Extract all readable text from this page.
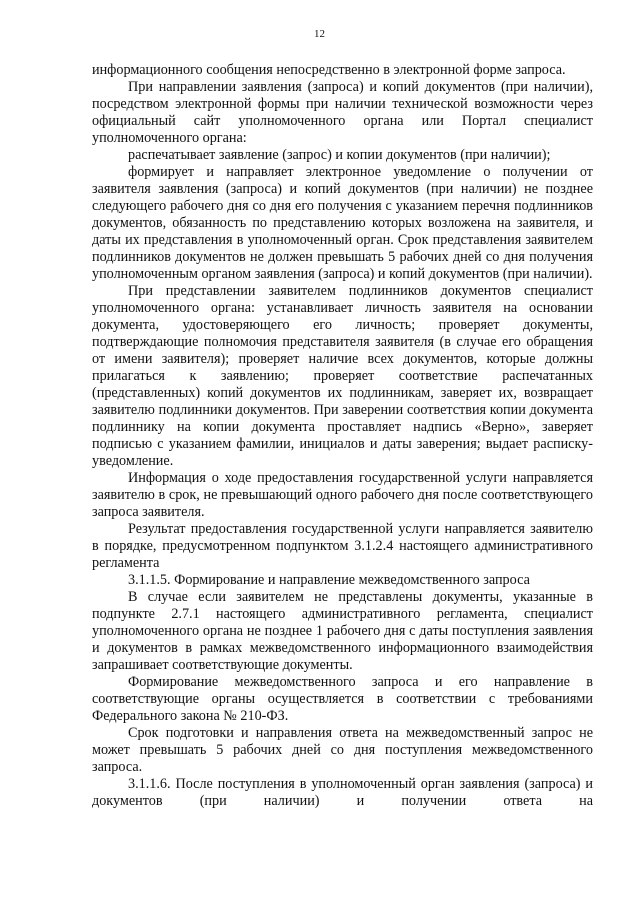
12

информационного сообщения непосредственно в электронной форме запроса.

При направлении заявления (запроса) и копий документов (при наличии), посредством электронной формы при наличии технической возможности через официальный сайт уполномоченного органа или Портал специалист уполномоченного органа:

распечатывает заявление (запрос) и копии документов (при наличии);

формирует и направляет электронное уведомление о получении от заявителя заявления (запроса) и копий документов (при наличии) не позднее следующего рабочего дня со дня его получения с указанием перечня подлинников документов, обязанность по представлению которых возложена на заявителя, и даты их представления в уполномоченный орган. Срок представления заявителем подлинников документов не должен превышать 5 рабочих дней со дня получения уполномоченным органом заявления (запроса) и копий документов (при наличии).

При представлении заявителем подлинников документов специалист уполномоченного органа: устанавливает личность заявителя на основании документа, удостоверяющего его личность; проверяет документы, подтверждающие полномочия представителя заявителя (в случае его обращения от имени заявителя); проверяет наличие всех документов, которые должны прилагаться к заявлению; проверяет соответствие распечатанных (представленных) копий документов их подлинникам, заверяет их, возвращает заявителю подлинники документов. При заверении соответствия копии документа подлиннику на копии документа проставляет надпись «Верно», заверяет подписью с указанием фамилии, инициалов и даты заверения; выдает расписку-уведомление.

Информация о ходе предоставления государственной услуги направляется заявителю в срок, не превышающий одного рабочего дня после соответствующего запроса заявителя.

Результат предоставления государственной услуги направляется заявителю в порядке, предусмотренном подпунктом 3.1.2.4 настоящего административного регламента

3.1.1.5. Формирование и направление межведомственного запроса

В случае если заявителем не представлены документы, указанные в подпункте 2.7.1 настоящего административного регламента, специалист уполномоченного органа не позднее 1 рабочего дня с даты поступления заявления и документов в рамках межведомственного информационного взаимодействия запрашивает соответствующие документы.

Формирование межведомственного запроса и его направление в соответствующие органы осуществляется в соответствии с требованиями Федерального закона № 210-ФЗ.

Срок подготовки и направления ответа на межведомственный запрос не может превышать 5 рабочих дней со дня поступления межведомственного запроса.

3.1.1.6. После поступления в уполномоченный орган заявления (запроса) и документов (при наличии) и получении ответа на
